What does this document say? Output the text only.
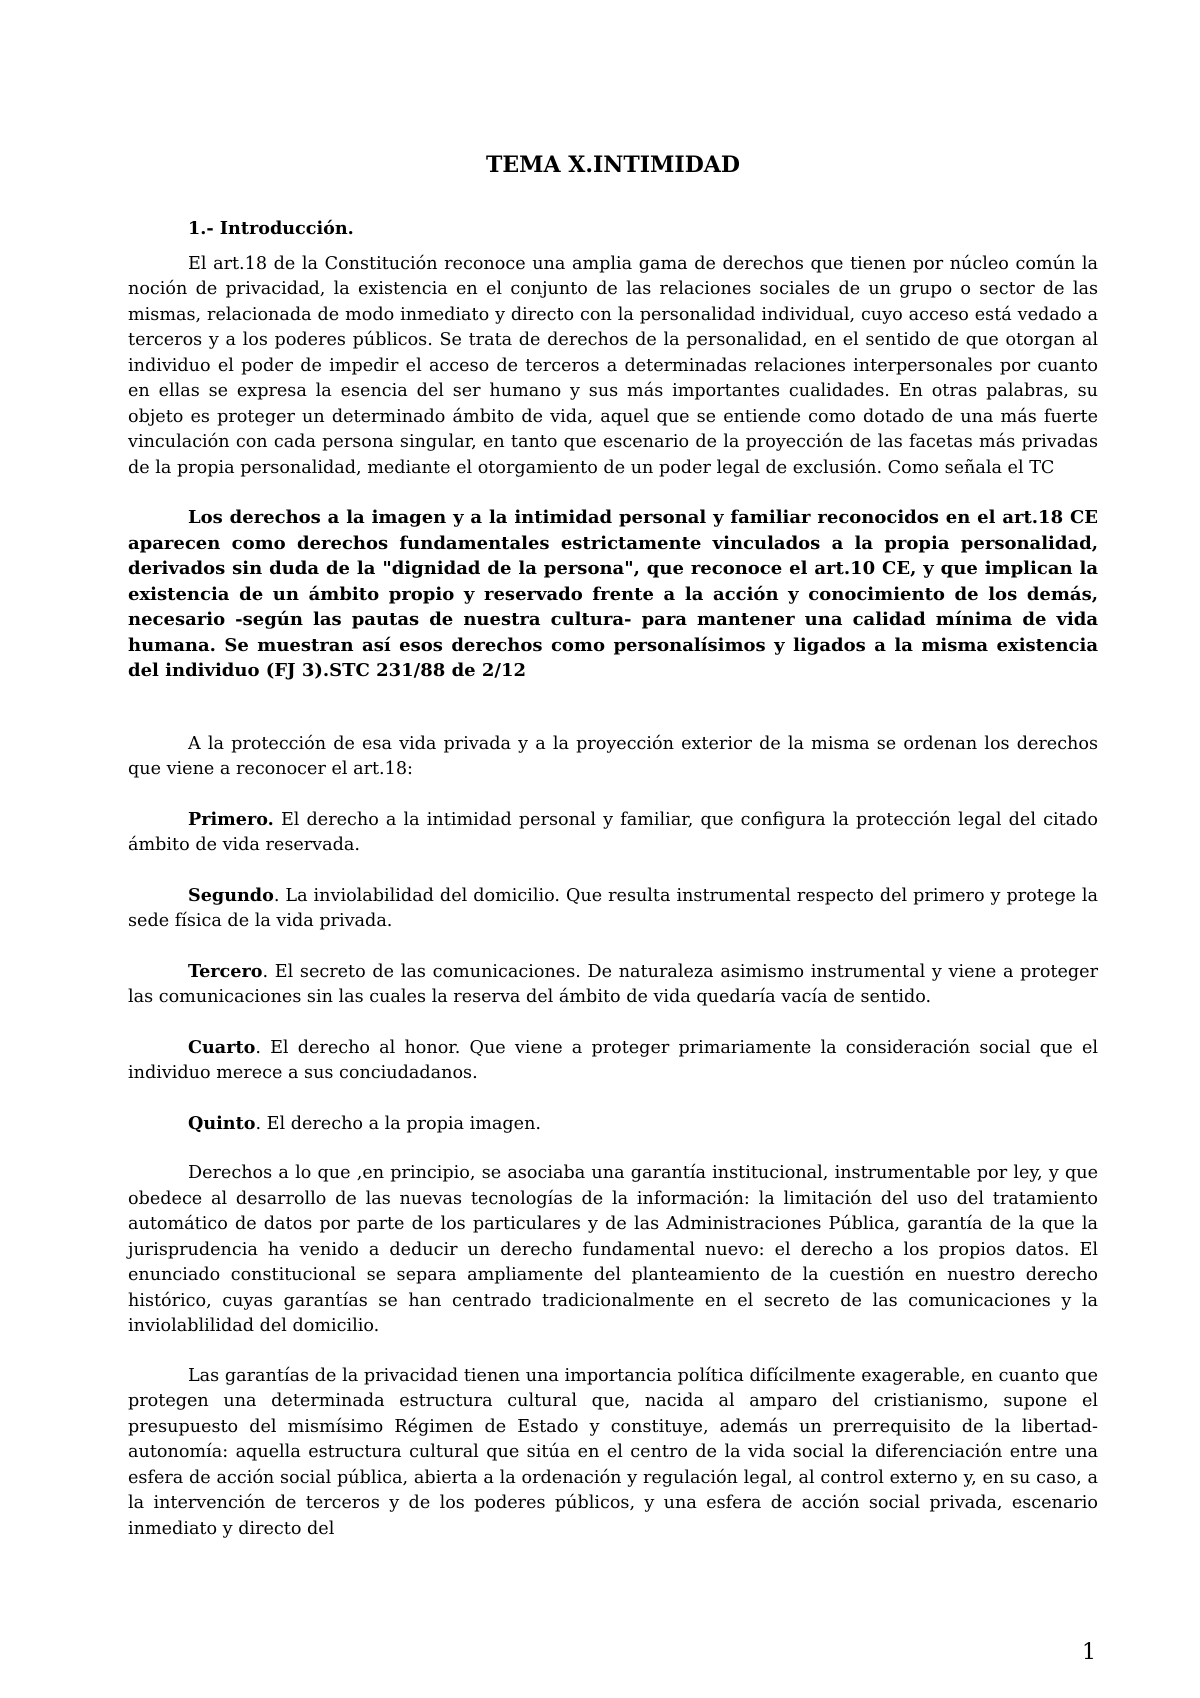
TEMA X.INTIMIDAD
1.- Introducción.

El art.18 de la Constitución reconoce una amplia gama de derechos que tienen por núcleo común la noción de privacidad, la existencia en el conjunto de las relaciones sociales de un grupo o sector de las mismas, relacionada de modo inmediato y directo con la personalidad individual, cuyo acceso está vedado a terceros y a los poderes públicos. Se trata de derechos de la personalidad, en el sentido de que otorgan al individuo el poder de impedir el acceso de terceros a determinadas relaciones interpersonales por cuanto en ellas se expresa la esencia del ser humano y sus más importantes cualidades. En otras palabras, su objeto es proteger un determinado ámbito de vida, aquel que se entiende como dotado de una más fuerte vinculación con cada persona singular, en tanto que escenario de la proyección de las facetas más privadas de la propia personalidad, mediante el otorgamiento de un poder legal de exclusión. Como señala el TC

Los derechos a la imagen y a la intimidad personal y familiar reconocidos en el art.18 CE aparecen como derechos fundamentales estrictamente vinculados a la propia personalidad, derivados sin duda de la "dignidad de la persona", que reconoce el art.10 CE, y que implican la existencia de un ámbito propio y reservado frente a la acción y conocimiento de los demás, necesario -según las pautas de nuestra cultura- para mantener una calidad mínima de vida humana. Se muestran así esos derechos como personalísimos y ligados a la misma existencia del individuo (FJ 3).STC 231/88 de 2/12

A la protección de esa vida privada y a la proyección exterior de la misma se ordenan los derechos que viene a reconocer el art.18:

Primero. El derecho a la intimidad personal y familiar, que configura la protección legal del citado ámbito de vida reservada.

Segundo. La inviolabilidad del domicilio. Que resulta instrumental respecto del primero y protege la sede física de la vida privada.

Tercero. El secreto de las comunicaciones. De naturaleza asimismo instrumental y viene a proteger las comunicaciones sin las cuales la reserva del ámbito de vida quedaría vacía de sentido.

Cuarto. El derecho al honor. Que viene a proteger primariamente la consideración social que el individuo merece a sus conciudadanos.

Quinto. El derecho a la propia imagen.

Derechos a lo que ,en principio, se asociaba una garantía institucional, instrumentable por ley, y que obedece al desarrollo de las nuevas tecnologías de la información: la limitación del uso del tratamiento automático de datos por parte de los particulares y de las Administraciones Pública, garantía de la que la jurisprudencia ha venido a deducir un derecho fundamental nuevo: el derecho a los propios datos. El enunciado constitucional se separa ampliamente del planteamiento de la cuestión en nuestro derecho histórico, cuyas garantías se han centrado tradicionalmente en el secreto de las comunicaciones y la inviolablilidad del domicilio.

Las garantías de la privacidad tienen una importancia política difícilmente exagerable, en cuanto que protegen una determinada estructura cultural que, nacida al amparo del cristianismo, supone el presupuesto del mismísimo Régimen de Estado y constituye, además un prerrequisito de la libertad-autonomía: aquella estructura cultural que sitúa en el centro de la vida social la diferenciación entre una esfera de acción social pública, abierta a la ordenación y regulación legal, al control externo y, en su caso, a la intervención de terceros y de los poderes públicos, y una esfera de acción social privada, escenario inmediato y directo del

1
